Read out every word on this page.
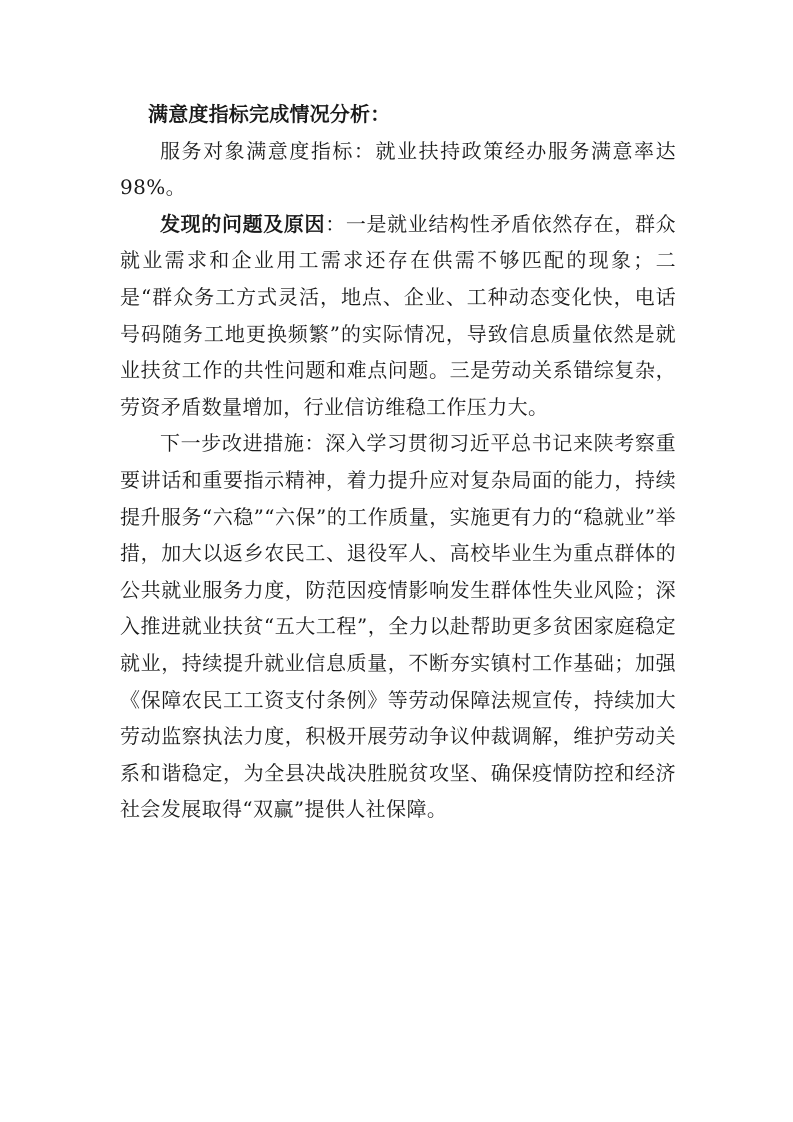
满意度指标完成情况分析：

服务对象满意度指标：就业扶持政策经办服务满意率达98%。

发现的问题及原因：一是就业结构性矛盾依然存在，群众就业需求和企业用工需求还存在供需不够匹配的现象；二是“群众务工方式灵活，地点、企业、工种动态变化快，电话号码随务工地更换频繁”的实际情况，导致信息质量依然是就业扶贫工作的共性问题和难点问题。三是劳动关系错综复杂，劳资矛盾数量增加，行业信访维稳工作压力大。

下一步改进措施：深入学习贯彻习近平总书记来陕考察重要讲话和重要指示精神，着力提升应对复杂局面的能力，持续提升服务“六稳”“六保”的工作质量，实施更有力的“稳就业”举措，加大以返乡农民工、退役军人、高校毕业生为重点群体的公共就业服务力度，防范因疫情影响发生群体性失业风险；深入推进就业扶贫“五大工程”，全力以赴帮助更多贫困家庭稳定就业，持续提升就业信息质量，不断夯实镇村工作基础；加强《保障农民工工资支付条例》等劳动保障法规宣传，持续加大劳动监察执法力度，积极开展劳动争议仲裁调解，维护劳动关系和谐稳定，为全县决战决胜脱贫攻坚、确保疫情防控和经济社会发展取得“双赢”提供人社保障。
